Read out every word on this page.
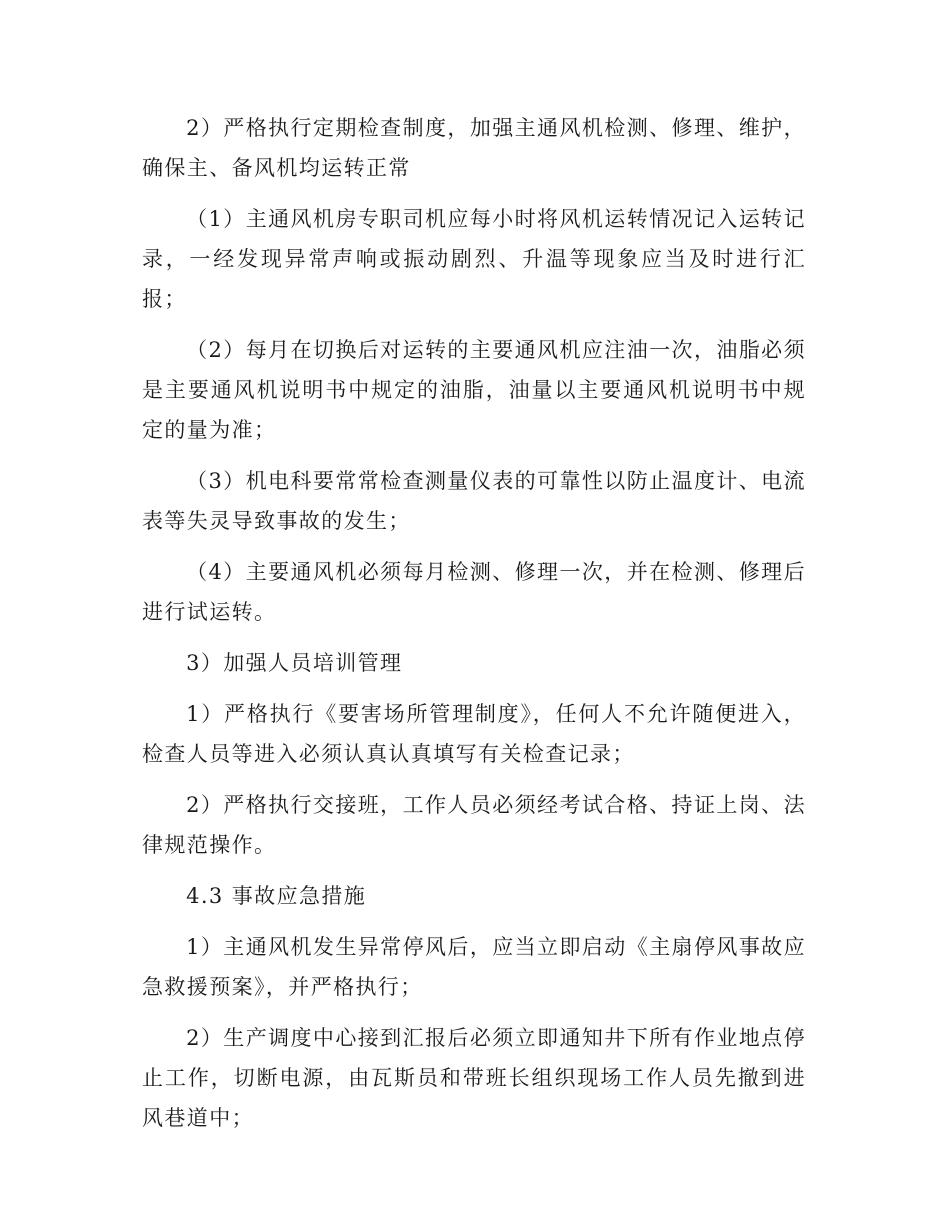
2）严格执行定期检查制度，加强主通风机检测、修理、维护，确保主、备风机均运转正常

（1）主通风机房专职司机应每小时将风机运转情况记入运转记录，一经发现异常声响或振动剧烈、升温等现象应当及时进行汇报；

（2）每月在切换后对运转的主要通风机应注油一次，油脂必须是主要通风机说明书中规定的油脂，油量以主要通风机说明书中规定的量为准；

（3）机电科要常常检查测量仪表的可靠性以防止温度计、电流表等失灵导致事故的发生；

（4）主要通风机必须每月检测、修理一次，并在检测、修理后进行试运转。

3）加强人员培训管理

1）严格执行《要害场所管理制度》，任何人不允许随便进入，检查人员等进入必须认真认真填写有关检查记录；

2）严格执行交接班，工作人员必须经考试合格、持证上岗、法律规范操作。

4.3 事故应急措施

1）主通风机发生异常停风后，应当立即启动《主扇停风事故应急救援预案》，并严格执行；

2）生产调度中心接到汇报后必须立即通知井下所有作业地点停止工作，切断电源，由瓦斯员和带班长组织现场工作人员先撤到进风巷道中；
